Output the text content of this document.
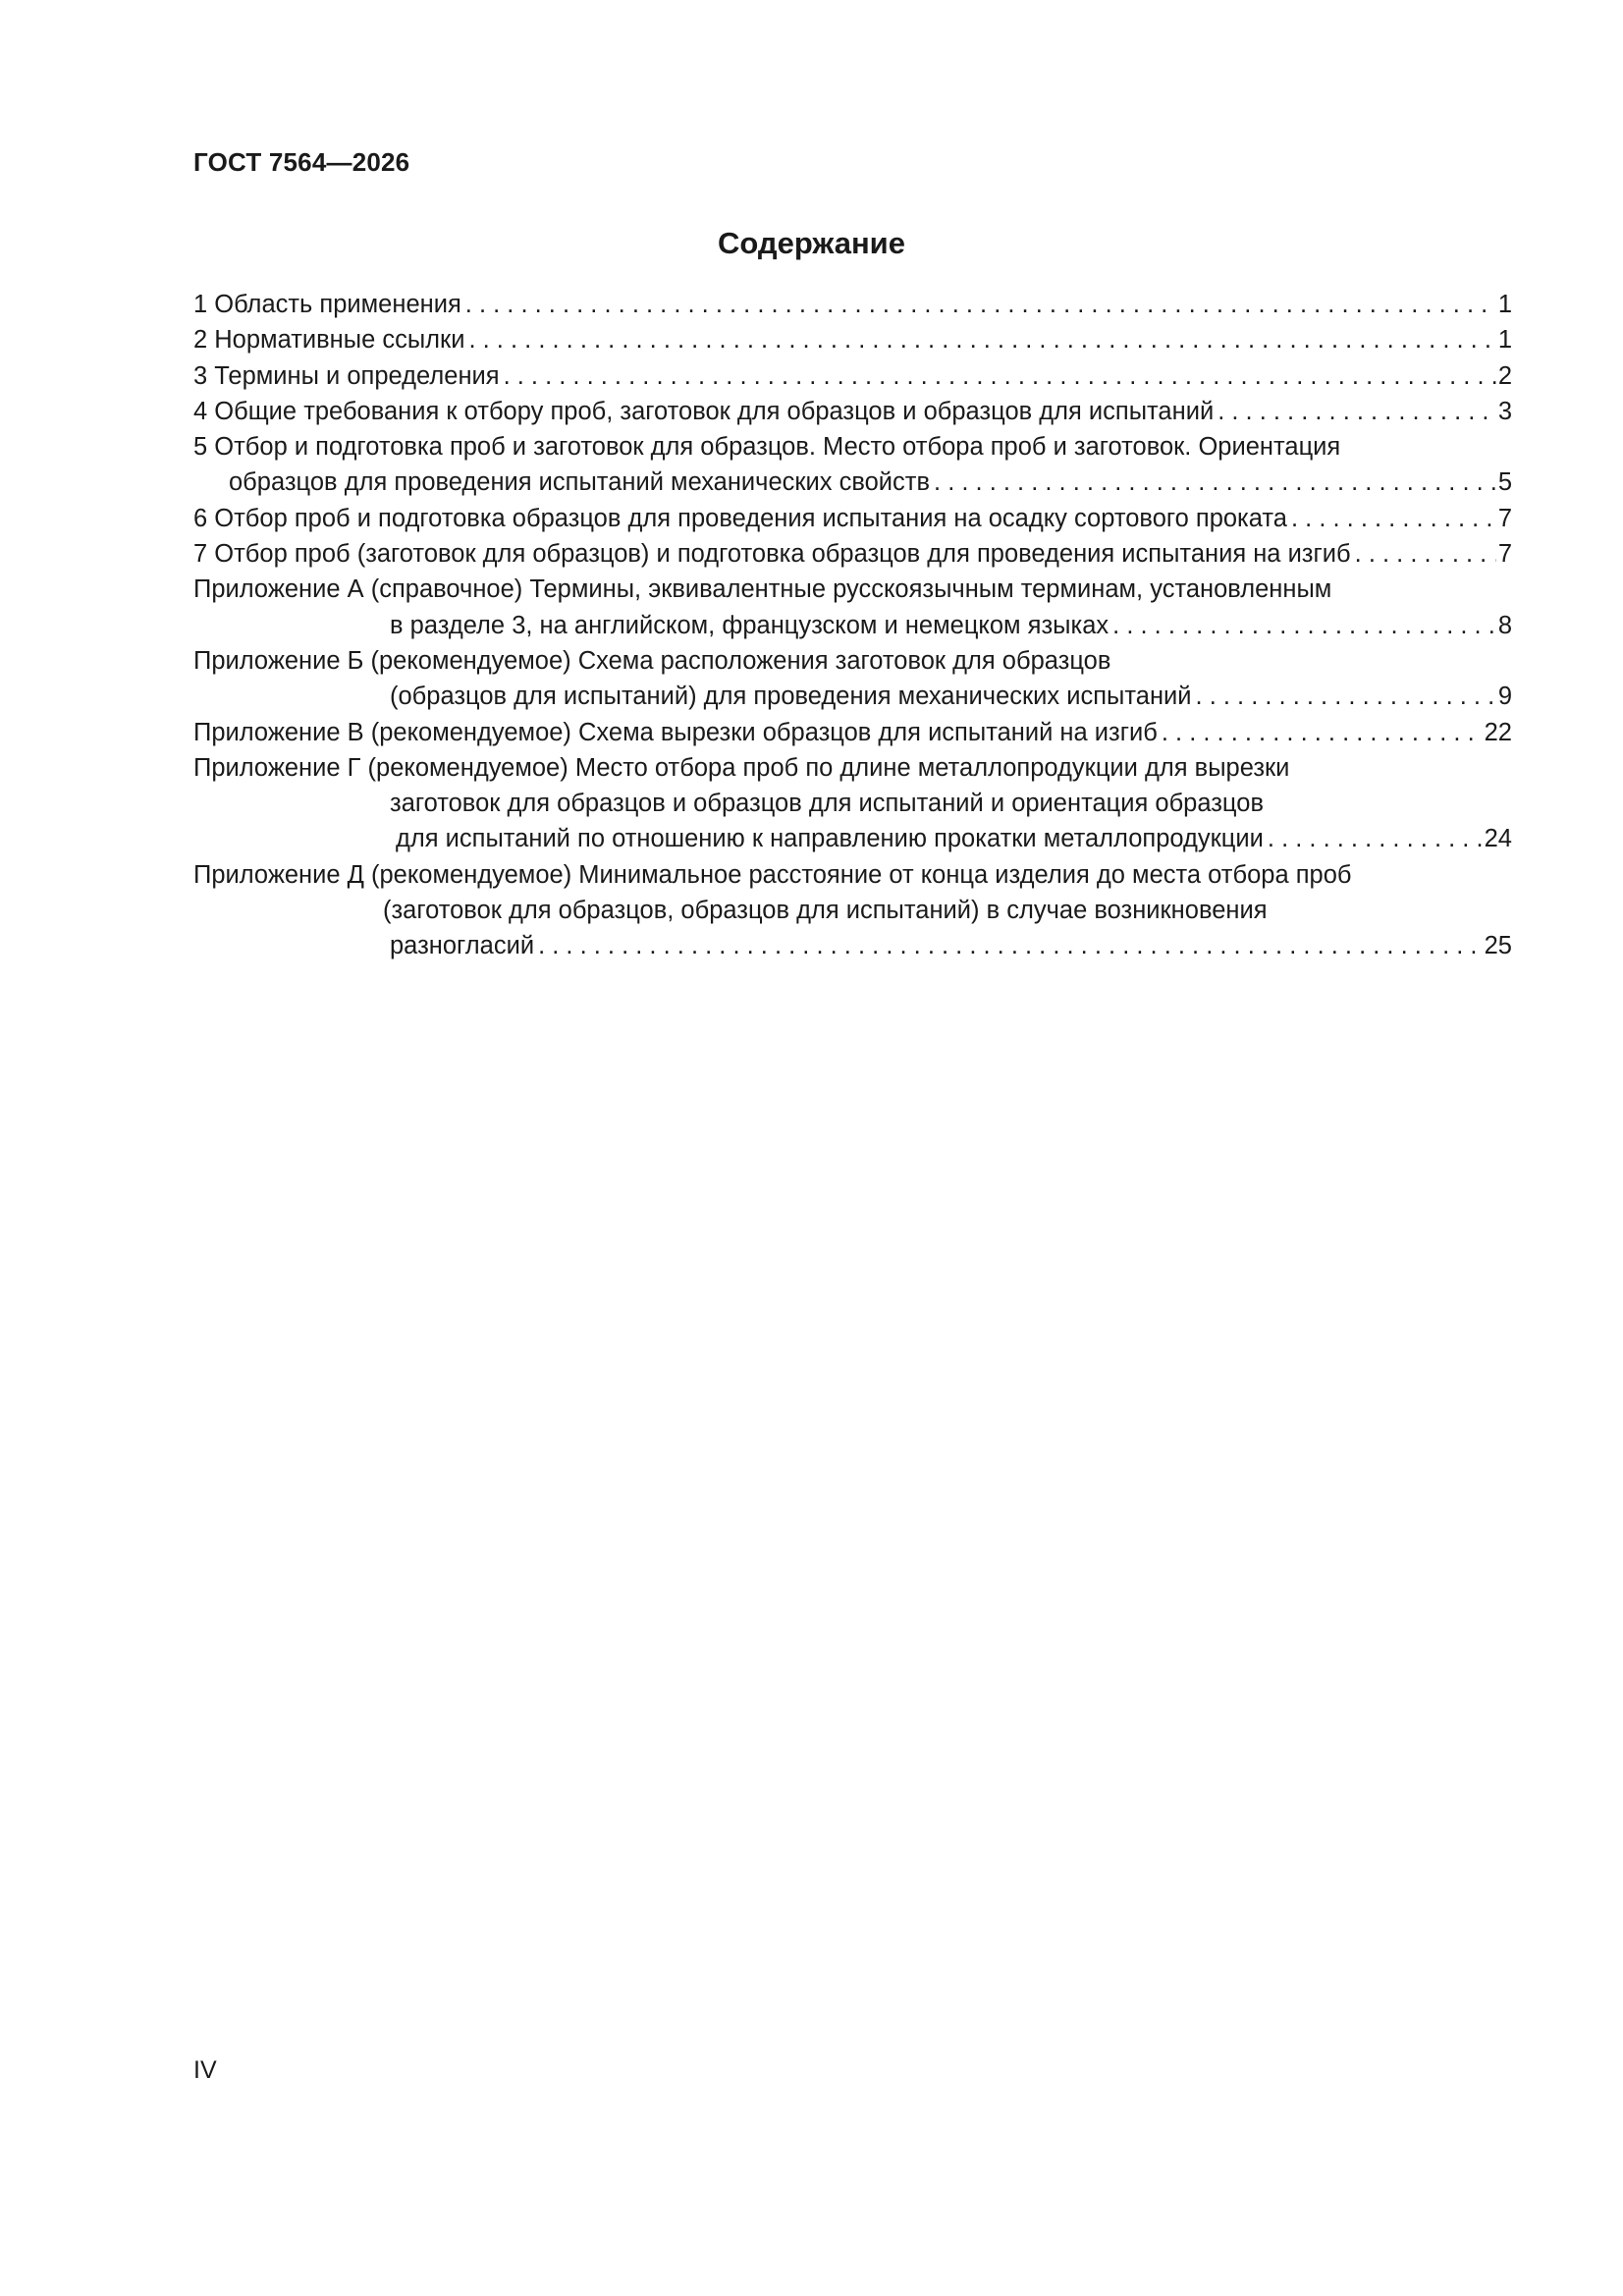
ГОСТ 7564—2026
Содержание
1 Область применения . . .	1
2 Нормативные ссылки . . .	1
3 Термины и определения . . .	2
4 Общие требования к отбору проб, заготовок для образцов и образцов для испытаний . . .	3
5 Отбор и подготовка проб и заготовок для образцов. Место отбора проб и заготовок. Ориентация
образцов для проведения испытаний механических свойств . . .	5
6 Отбор проб и подготовка образцов для проведения испытания на осадку сортового проката . . .	7
7 Отбор проб (заготовок для образцов) и подготовка образцов для проведения испытания на изгиб . . .	7
Приложение А (справочное) Термины, эквивалентные русскоязычным терминам, установленным
в разделе 3, на английском, французском и немецком языках . . .	8
Приложение Б (рекомендуемое) Схема расположения заготовок для образцов
(образцов для испытаний) для проведения механических испытаний . . .	9
Приложение В (рекомендуемое) Схема вырезки образцов для испытаний на изгиб . . .	22
Приложение Г (рекомендуемое) Место отбора проб по длине металлопродукции для вырезки
заготовок для образцов и образцов для испытаний и ориентация образцов
для испытаний по отношению к направлению прокатки металлопродукции . . .	24
Приложение Д (рекомендуемое) Минимальное расстояние от конца изделия до места отбора проб
(заготовок для образцов, образцов для испытаний) в случае возникновения
разногласий . . .	25
IV
